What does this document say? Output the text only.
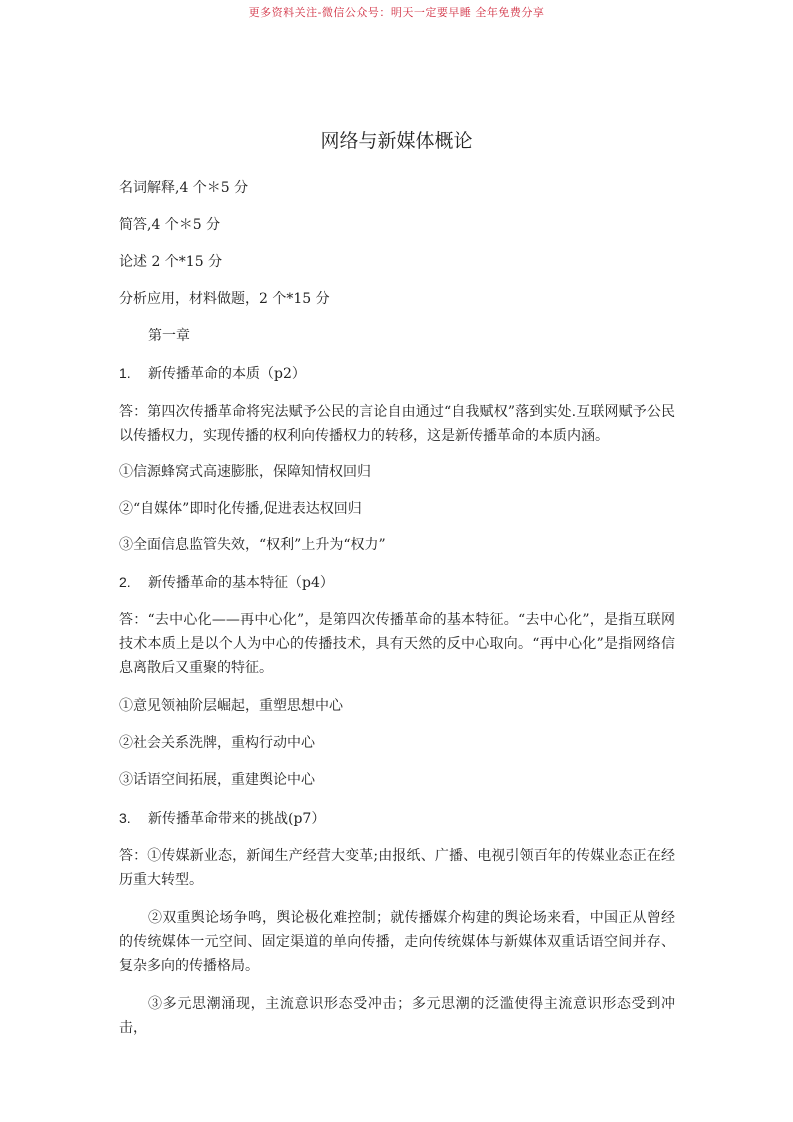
更多资料关注-微信公众号：明天一定要早睡 全年免费分享
网络与新媒体概论
名词解释,4 个＊5 分
简答,4 个＊5 分
论述 2 个*15 分
分析应用，材料做题，2 个*15 分
第一章
1. 新传播革命的本质（p2）
答：第四次传播革命将宪法赋予公民的言论自由通过“自我赋权”落到实处.互联网赋予公民以传播权力，实现传播的权利向传播权力的转移，这是新传播革命的本质内涵。
①信源蜂窝式高速膨胀，保障知情权回归
②“自媒体”即时化传播,促进表达权回归
③全面信息监管失效，“权利”上升为“权力”
2. 新传播革命的基本特征（p4）
答：“去中心化——再中心化”，是第四次传播革命的基本特征。“去中心化”，是指互联网技术本质上是以个人为中心的传播技术，具有天然的反中心取向。“再中心化”是指网络信息离散后又重聚的特征。
①意见领袖阶层崛起，重塑思想中心
②社会关系洗牌，重构行动中心
③话语空间拓展，重建舆论中心
3. 新传播革命带来的挑战(p7）
答：①传媒新业态，新闻生产经营大变革;由报纸、广播、电视引领百年的传媒业态正在经历重大转型。
②双重舆论场争鸣，舆论极化难控制；就传播媒介构建的舆论场来看，中国正从曾经的传统媒体一元空间、固定渠道的单向传播，走向传统媒体与新媒体双重话语空间并存、复杂多向的传播格局。
③多元思潮涌现，主流意识形态受冲击；多元思潮的泛滥使得主流意识形态受到冲击，
